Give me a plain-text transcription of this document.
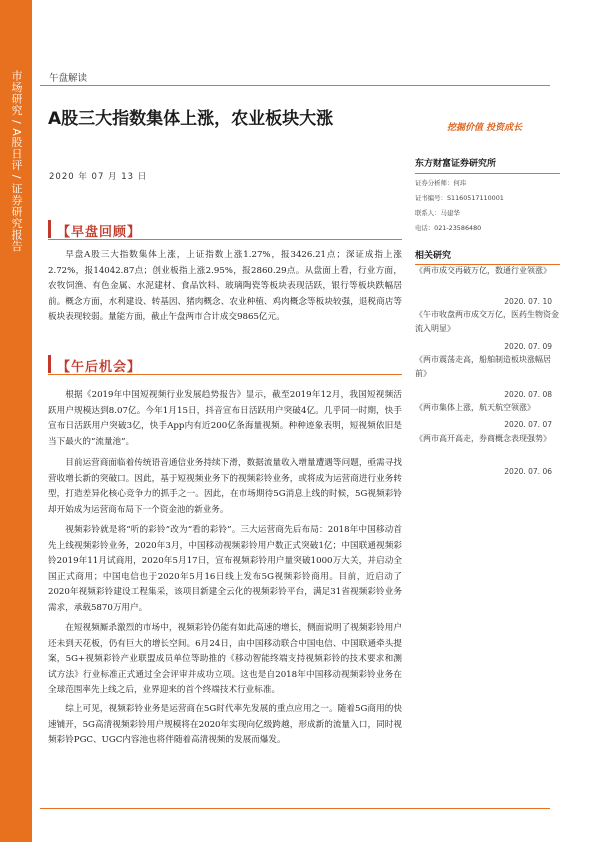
市场研究 / A股日评 / 证券研究报告	午盘解读
A股三大指数集体上涨，农业板块大涨	挖掘价值 投资成长
2020 年 07 月 13 日
【早盘回顾】

早盘A股三大指数集体上涨，上证指数上涨1.27%，报3426.21点；深证成指上涨2.72%，报14042.87点；创业板指上涨2.95%，报2860.29点。从盘面上看，行业方面，农牧饲渔、有色金属、水泥建材、食品饮料、玻璃陶瓷等板块表现活跃，银行等板块跌幅居前。概念方面，水利建设、转基因、猪肉概念、农业种植、鸡肉概念等板块较强，退税商店等板块表现较弱。量能方面，截止午盘两市合计成交9865亿元。

【午后机会】

根据《2019年中国短视频行业发展趋势报告》显示，截至2019年12月，我国短视频活跃用户规模达到8.07亿。今年1月15日，抖音宣布日活跃用户突破4亿。几乎同一时期，快手宣布日活跃用户突破3亿，快手App内有近200亿条海量视频。种种迹象表明，短视频依旧是当下最火的“流量池”。

目前运营商面临着传统语音通信业务持续下滑，数据流量收入增量遭遇等问题，亟需寻找营收增长新的突破口。因此，基于短视频业务下的视频彩铃业务，或将成为运营商进行业务转型，打造差异化核心竞争力的抓手之一。因此，在市场期待5G消息上线的时候，5G视频彩铃却开始成为运营商布局下一个资金池的新业务。

视频彩铃就是将“听的彩铃”改为“看的彩铃”。三大运营商先后布局：2018年中国移动首先上线视频彩铃业务，2020年3月，中国移动视频彩铃用户数正式突破1亿；中国联通视频彩铃2019年11月试商用，2020年5月17日，宣布视频彩铃用户量突破1000万大关，并启动全国正式商用；中国电信也于2020年5月16日线上发布5G视频彩铃商用。目前，近启动了2020年视频彩铃建设工程集采，该项目新建全云化的视频彩铃平台，满足31省视频彩铃业务需求，承载5870万用户。

在短视频厮杀激烈的市场中，视频彩铃仍能有如此高速的增长，侧面说明了视频彩铃用户还未到天花板，仍有巨大的增长空间。6月24日，由中国移动联合中国电信、中国联通牵头提案，5G+视频彩铃产业联盟成员单位等助推的《移动智能终端支持视频彩铃的技术要求和测试方法》行业标准正式通过全会评审并成功立项。这也是自2018年中国移动视频彩铃业务在全球范围率先上线之后，业界迎来的首个终端技术行业标准。

综上可见，视频彩铃业务是运营商在5G时代率先发展的重点应用之一。随着5G商用的快速铺开，5G高清视频彩铃用户规模将在2020年实现向亿级跨越，形成新的流量入口，同时视频彩铃PGC、UGC内容池也将伴随着高清视频的发展而爆发。

东方财富证券研究所
证券分析师：何玮
证书编号：S1160517110001
联系人：马建华
电话：021-23586480
相关研究
《两市成交再破万亿，数通行业领涨》
2020. 07. 10
《午市收盘两市成交万亿，医药生物资金流入明显》
2020. 07. 09
《两市震荡走高，船舶制造板块涨幅居前》
2020. 07. 08
《两市集体上涨，航天航空领涨》
2020. 07. 07
《两市高开高走，券商概念表现强势》
2020. 07. 06
